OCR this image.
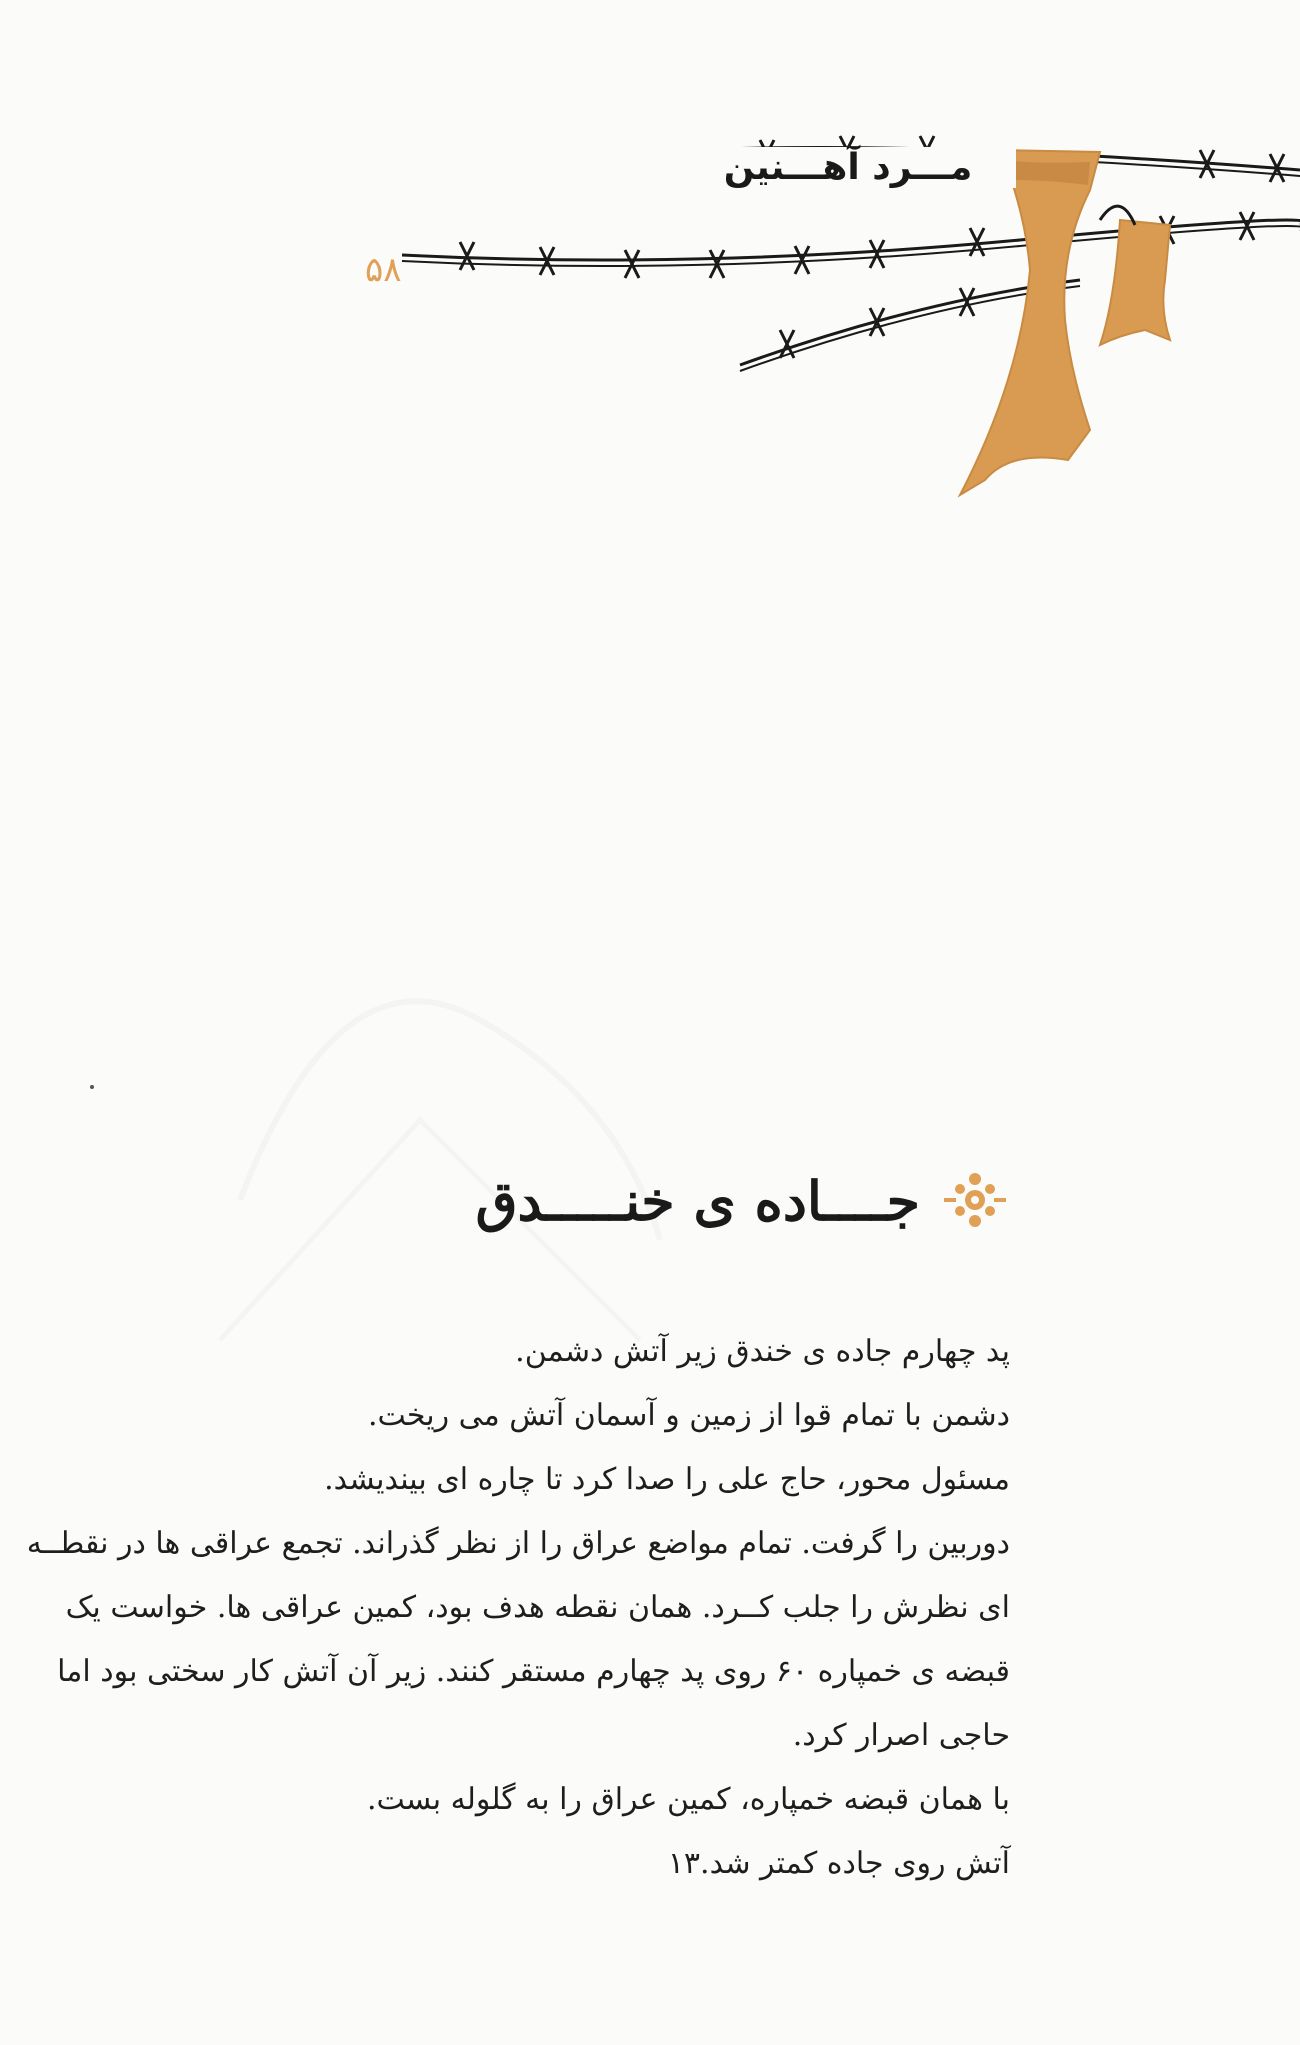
مـــرد آهـــنین
۵۸
جــــاده ی خنـــــدق

پد چهارم جاده ی خندق زیر آتش دشمن.

دشمن با تمام قوا از زمین و آسمان آتش می ریخت.

مسئول محور، حاج علی را صدا کرد تا چاره ای بیندیشد.

دوربین را گرفت. تمام مواضع عراق را از نظر گذراند. تجمع عراقی ها در نقطــه ای نظرش را جلب کــرد. همان نقطه هدف بود، کمین عراقی ها. خواست یک قبضه ی خمپاره ۶۰ روی پد چهارم مستقر کنند. زیر آن آتش کار سختی بود اما حاجی اصرار کرد.

با همان قبضه خمپاره، کمین عراق را به گلوله بست.

آتش روی جاده کمتر شد.۱۳
